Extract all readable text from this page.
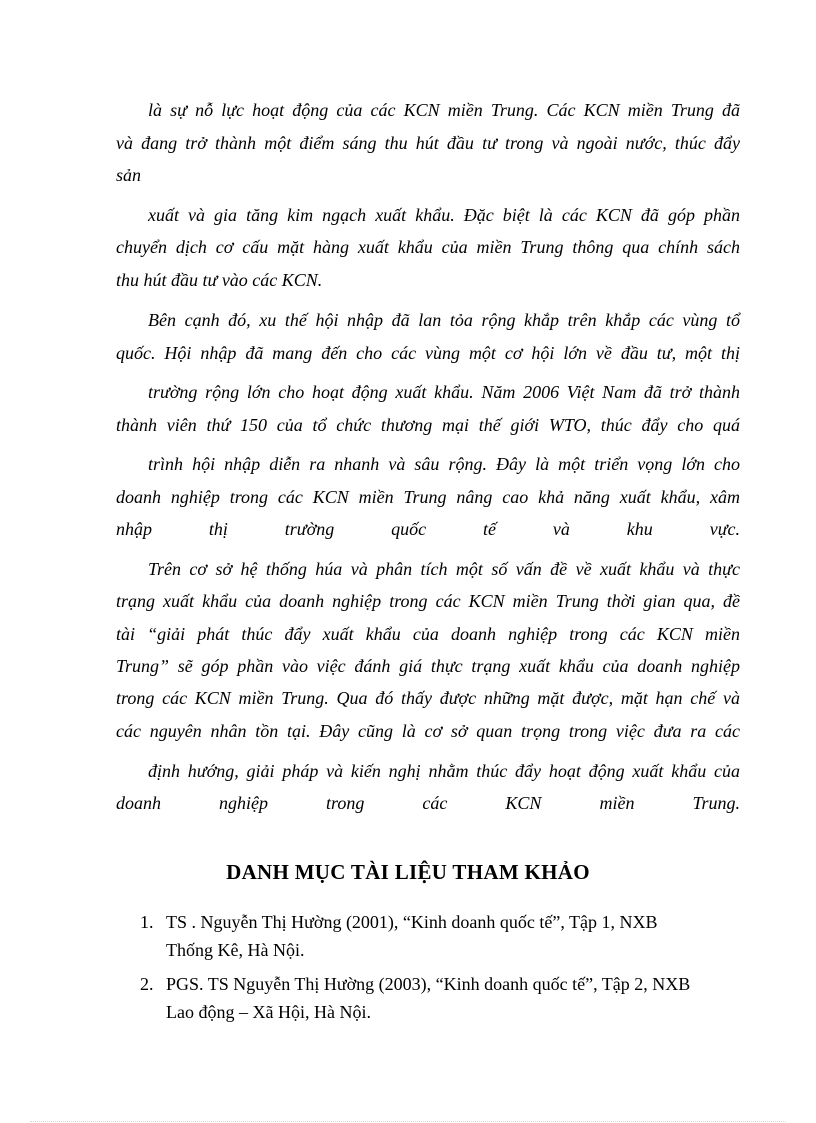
là sự nỗ lực hoạt động của các KCN miền Trung. Các KCN miền Trung đã
và đang trở thành một điểm sáng thu hút đầu tư trong và ngoài nước, thúc đẩy
sản
xuất và gia tăng kim ngạch xuất khẩu. Đặc biệt là các KCN đã góp phần
chuyển dịch cơ cấu mặt hàng xuất khẩu của miền Trung thông qua chính sách
thu hút đầu tư vào các KCN.
Bên cạnh đó, xu thế hội nhập đã lan tỏa rộng khắp trên khắp các vùng tổ
quốc. Hội nhập đã mang đến cho các vùng một cơ hội lớn về đầu tư, một thị
trường rộng lớn cho hoạt động xuất khẩu. Năm 2006 Việt Nam đã trở thành
thành viên thứ 150 của tổ chức thương mại thế giới WTO, thúc đẩy cho quá
trình hội nhập diễn ra nhanh và sâu rộng. Đây là một triển vọng lớn cho
doanh nghiệp trong các KCN miền Trung nâng cao khả năng xuất khẩu, xâm
nhập thị trường quốc tế và khu vực.
Trên cơ sở hệ thống húa và phân tích một số vấn đề về xuất khẩu và thực
trạng xuất khẩu của doanh nghiệp trong các KCN miền Trung thời gian qua, đề
tài “giải phát thúc đẩy xuất khẩu của doanh nghiệp trong các KCN miền
Trung” sẽ góp phần vào việc đánh giá thực trạng xuất khẩu của doanh nghiệp
trong các KCN miền Trung. Qua đó thấy được những mặt được, mặt hạn chế và
các nguyên nhân tồn tại. Đây cũng là cơ sở quan trọng trong việc đưa ra các
định hướng, giải pháp và kiến nghị nhằm thúc đẩy hoạt động xuất khẩu của
doanh nghiệp trong các KCN miền Trung.
DANH MỤC TÀI LIỆU THAM KHẢO
1. TS . Nguyễn Thị Hường (2001), “Kinh doanh quốc tế”, Tập 1, NXB
Thống Kê, Hà Nội.
2. PGS. TS Nguyễn Thị Hường (2003), “Kinh doanh quốc tế”, Tập 2, NXB
Lao động – Xã Hội, Hà Nội.
